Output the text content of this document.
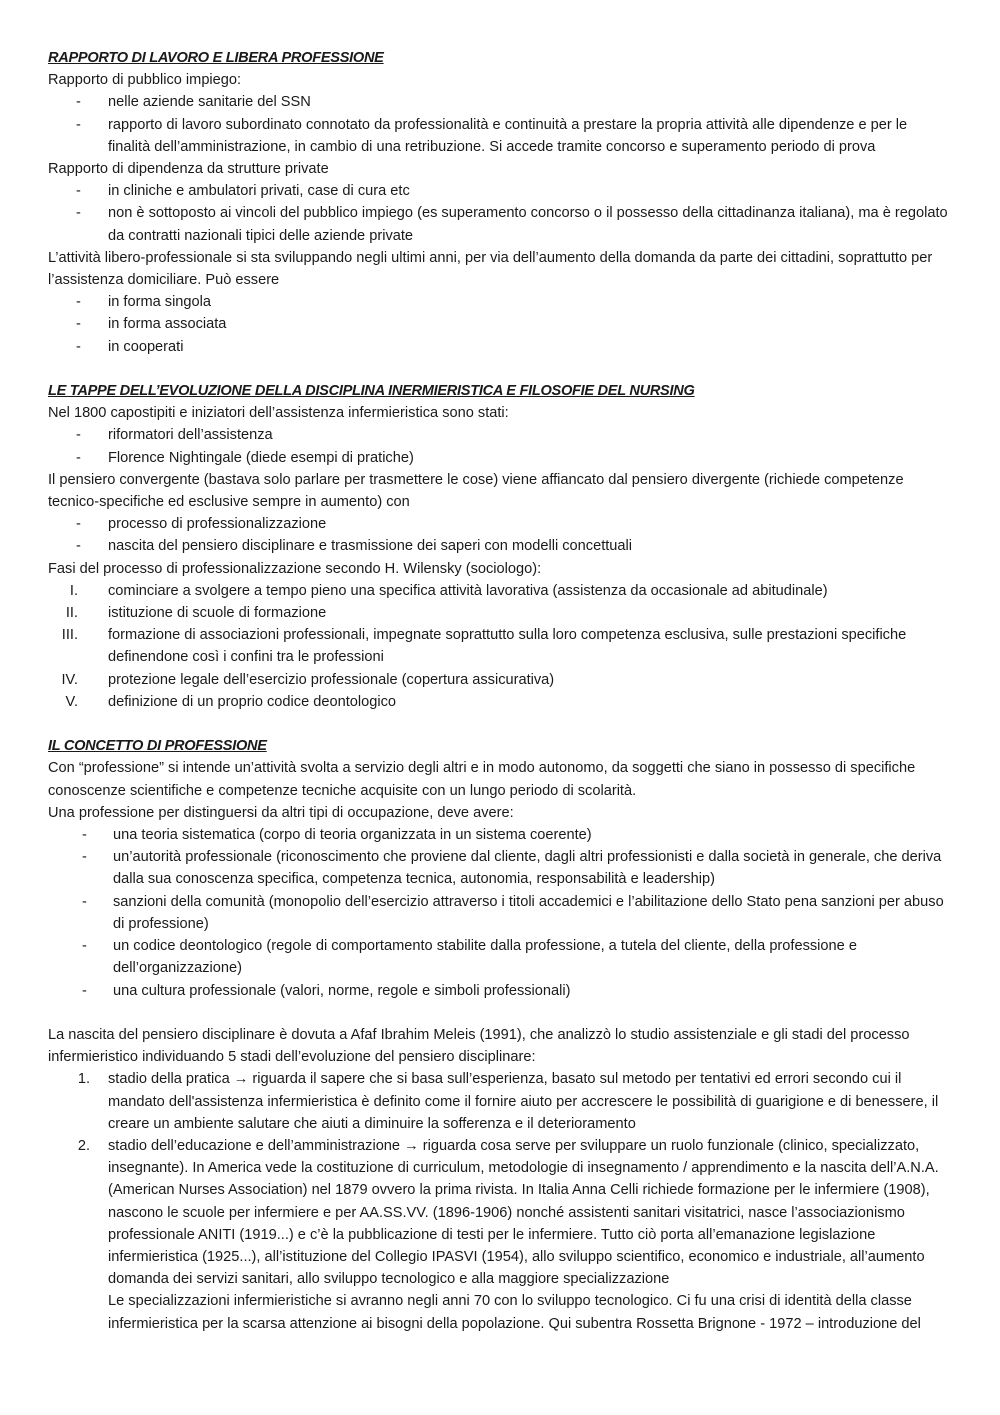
RAPPORTO DI LAVORO E LIBERA PROFESSIONE

Rapporto di pubblico impiego:

-	nelle aziende sanitarie del SSN
-	rapporto di lavoro subordinato connotato da professionalità e continuità a prestare la propria attività alle dipendenze e per le finalità dell’amministrazione, in cambio di una retribuzione. Si accede tramite concorso e superamento periodo di prova

Rapporto di dipendenza da strutture private

-	in cliniche e ambulatori privati, case di cura etc
-	non è sottoposto ai vincoli del pubblico impiego (es superamento concorso o il possesso della cittadinanza italiana), ma è regolato da contratti nazionali tipici delle aziende private

L’attività libero-professionale si sta sviluppando negli ultimi anni, per via dell’aumento della domanda da parte dei cittadini, soprattutto per l’assistenza domiciliare. Può essere

-	in forma singola
-	in forma associata
-	in cooperati

LE TAPPE DELL’EVOLUZIONE DELLA DISCIPLINA INERMIERISTICA E FILOSOFIE DEL NURSING

Nel 1800 capostipiti e iniziatori dell’assistenza infermieristica sono stati:

-	riformatori dell’assistenza
-	Florence Nightingale (diede esempi di pratiche)

Il pensiero convergente (bastava solo parlare per trasmettere le cose) viene affiancato dal pensiero divergente (richiede competenze tecnico-specifiche ed esclusive sempre in aumento) con

-	processo di professionalizzazione
-	nascita del pensiero disciplinare e trasmissione dei saperi con modelli concettuali

Fasi del processo di professionalizzazione secondo H. Wilensky (sociologo):

I. cominciare a svolgere a tempo pieno una specifica attività lavorativa (assistenza da occasionale ad abitudinale)
II. istituzione di scuole di formazione
III. formazione di associazioni professionali, impegnate soprattutto sulla loro competenza esclusiva, sulle prestazioni specifiche definendone così i confini tra le professioni
IV. protezione legale dell’esercizio professionale (copertura assicurativa)
V. definizione di un proprio codice deontologico

IL CONCETTO DI PROFESSIONE

Con “professione” si intende un’attività svolta a servizio degli altri e in modo autonomo, da soggetti che siano in possesso di specifiche conoscenze scientifiche e competenze tecniche acquisite con un lungo periodo di scolarità.

Una professione per distinguersi da altri tipi di occupazione, deve avere:

-	una teoria sistematica (corpo di teoria organizzata in un sistema coerente)
-	un’autorità professionale (riconoscimento che proviene dal cliente, dagli altri professionisti e dalla società in generale, che deriva dalla sua conoscenza specifica, competenza tecnica, autonomia, responsabilità e leadership)
-	sanzioni della comunità (monopolio dell’esercizio attraverso i titoli accademici e l’abilitazione dello Stato pena sanzioni per abuso di professione)
-	un codice deontologico (regole di comportamento stabilite dalla professione, a tutela del cliente, della professione e dell’organizzazione)
-	una cultura professionale (valori, norme, regole e simboli professionali)

La nascita del pensiero disciplinare è dovuta a Afaf Ibrahim Meleis (1991), che analizzò lo studio assistenziale e gli stadi del processo infermieristico individuando 5 stadi dell’evoluzione del pensiero disciplinare:

1. stadio della pratica → riguarda il sapere che si basa sull’esperienza, basato sul metodo per tentativi ed errori secondo cui il mandato dell'assistenza infermieristica è definito come il fornire aiuto per accrescere le possibilità di guarigione e di benessere, il creare un ambiente salutare che aiuti a diminuire la sofferenza e il deterioramento
2. stadio dell’educazione e dell’amministrazione → riguarda cosa serve per sviluppare un ruolo funzionale (clinico, specializzato, insegnante). In America vede la costituzione di curriculum, metodologie di insegnamento / apprendimento e la nascita dell’A.N.A. (American Nurses Association) nel 1879 ovvero la prima rivista. In Italia Anna Celli richiede formazione per le infermiere (1908), nascono le scuole per infermiere e per AA.SS.VV. (1896-1906) nonché assistenti sanitari visitatrici, nasce l’associazionismo professionale ANITI (1919...) e c’è la pubblicazione di testi per le infermiere. Tutto ciò porta all’emanazione legislazione infermieristica (1925...), all’istituzione del Collegio IPASVI (1954), allo sviluppo scientifico, economico e industriale, all’aumento domanda dei servizi sanitari, allo sviluppo tecnologico e alla maggiore specializzazione

Le specializzazioni infermieristiche si avranno negli anni 70 con lo sviluppo tecnologico. Ci fu una crisi di identità della classe infermieristica per la scarsa attenzione ai bisogni della popolazione. Qui subentra Rossetta Brignone - 1972 – introduzione del
